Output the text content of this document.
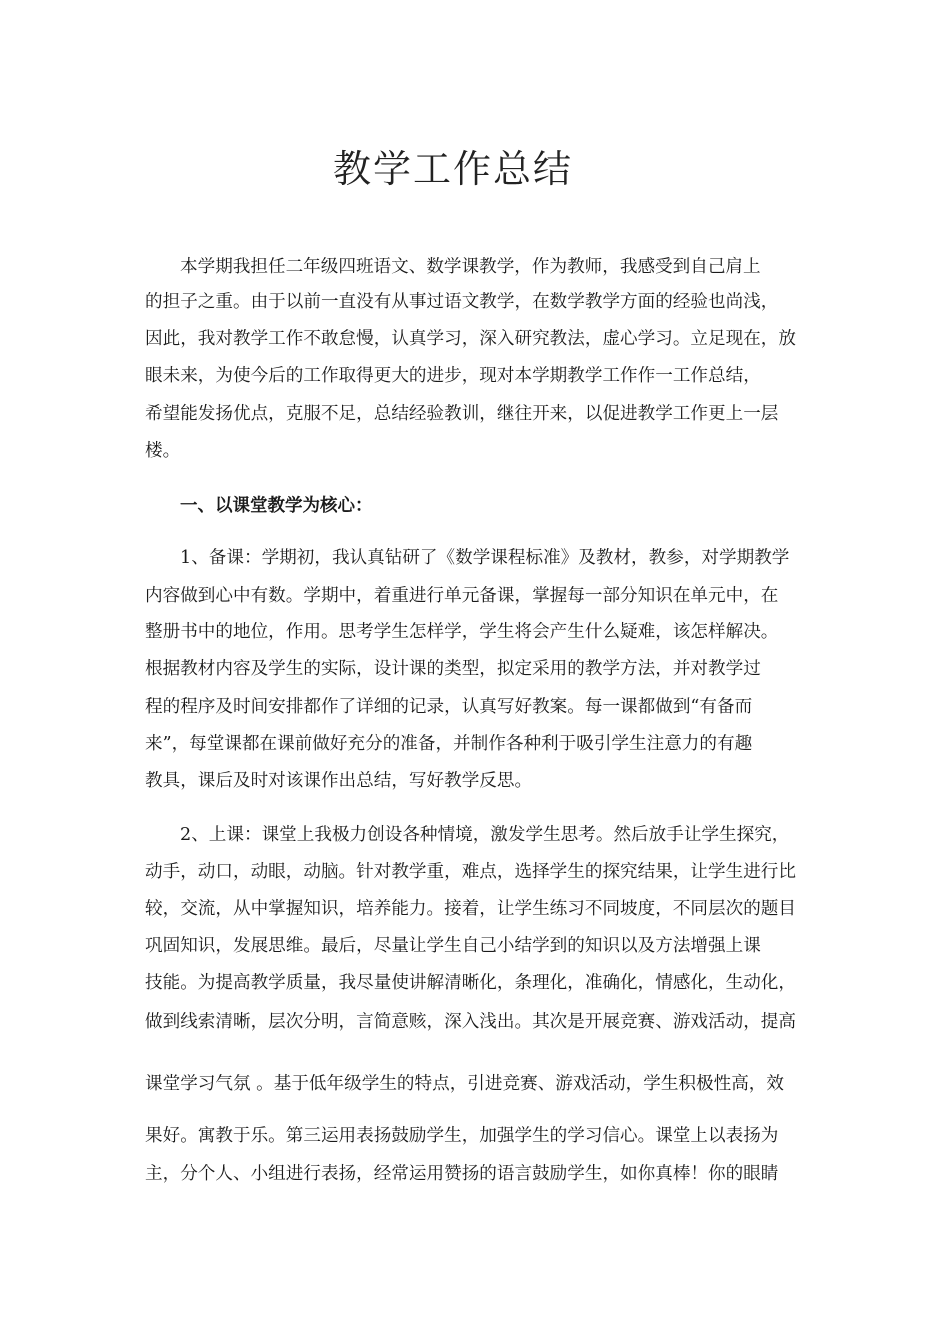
教学工作总结
本学期我担任二年级四班语文、数学课教学，作为教师，我感受到自己肩上
的担子之重。由于以前一直没有从事过语文教学，在数学教学方面的经验也尚浅，
因此，我对教学工作不敢怠慢，认真学习，深入研究教法，虚心学习。立足现在，放
眼未来，为使今后的工作取得更大的进步，现对本学期教学工作作一工作总结，
希望能发扬优点，克服不足，总结经验教训，继往开来，以促进教学工作更上一层
楼。
一、以课堂教学为核心：
1、备课：学期初，我认真钻研了《数学课程标准》及教材，教参，对学期教学
内容做到心中有数。学期中，着重进行单元备课，掌握每一部分知识在单元中，在
整册书中的地位，作用。思考学生怎样学，学生将会产生什么疑难，该怎样解决。
根据教材内容及学生的实际，设计课的类型，拟定采用的教学方法，并对教学过
程的程序及时间安排都作了详细的记录，认真写好教案。每一课都做到“有备而
来”，每堂课都在课前做好充分的准备，并制作各种利于吸引学生注意力的有趣
教具，课后及时对该课作出总结，写好教学反思。
2、上课：课堂上我极力创设各种情境，激发学生思考。然后放手让学生探究，
动手，动口，动眼，动脑。针对教学重，难点，选择学生的探究结果，让学生进行比
较，交流，从中掌握知识，培养能力。接着，让学生练习不同坡度，不同层次的题目
巩固知识，发展思维。最后，尽量让学生自己小结学到的知识以及方法增强上课
技能。为提高教学质量，我尽量使讲解清晰化，条理化，准确化，情感化，生动化，
做到线索清晰，层次分明，言简意赅，深入浅出。其次是开展竞赛、游戏活动，提高
课堂学习气氛 。基于低年级学生的特点，引进竞赛、游戏活动，学生积极性高，效
果好。寓教于乐。第三运用表扬鼓励学生，加强学生的学习信心。课堂上以表扬为
主，分个人、小组进行表扬，经常运用赞扬的语言鼓励学生，如你真棒！你的眼睛
